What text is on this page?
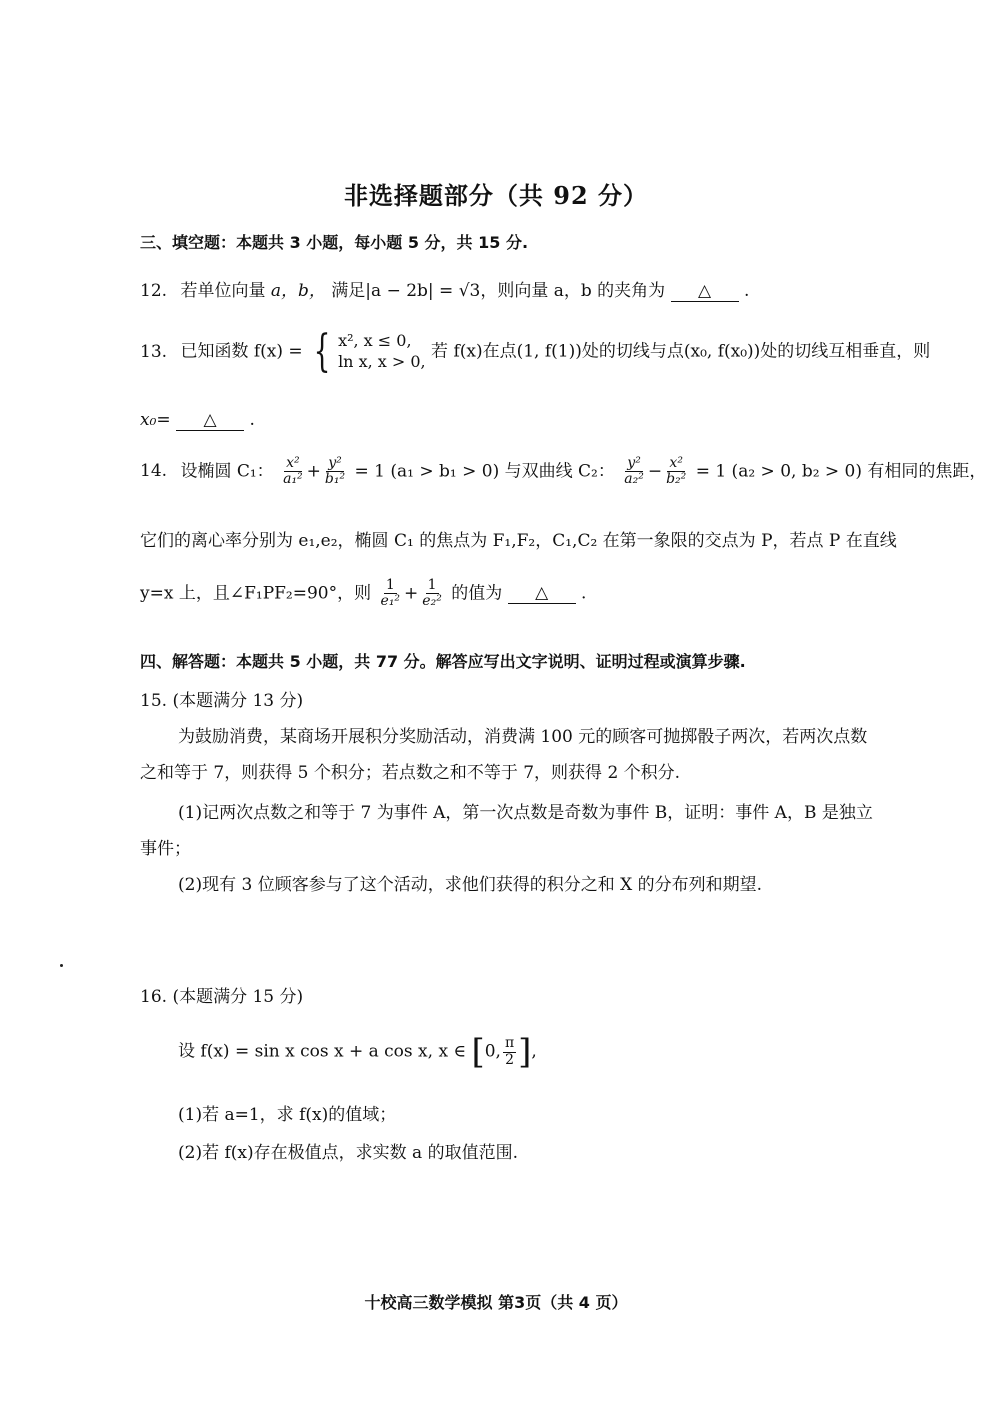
非选择题部分（共 92 分）
三、填空题：本题共 3 小题，每小题 5 分，共 15 分.
12. 若单位向量 a，b， 满足|a − 2b| = √3，则向量 a，b 的夹角为 △ .
13. 已知函数 f(x) = { x², x ≤ 0,
ln x, x > 0, 若 f(x)在点(1, f(1))处的切线与点(x₀, f(x₀))处的切线互相垂直，则
x₀= △ .
14. 设椭圆 C₁： $\frac{\text{x²}}{\text{a₁²}} + \frac{\text{y²}}{\text{b₁²}} = 1$ (a₁ > b₁ > 0) 与双曲线 C₂： $\frac{\text{y²}}{\text{a₂²}} - \frac{\text{x²}}{\text{b₂²}} = 1$ (a₂ > 0, b₂ > 0) 有相同的焦距，
它们的离心率分别为 e₁,e₂，椭圆 C₁ 的焦点为 F₁,F₂，C₁,C₂ 在第一象限的交点为 P，若点 P 在直线
y=x 上，且∠F₁PF₂=90°，则 $\frac{1}{\text{e₁²}} + \frac{1}{\text{e₂²}}$ 的值为 △ .
四、解答题：本题共 5 小题，共 77 分。解答应写出文字说明、证明过程或演算步骤.
15. (本题满分 13 分)
为鼓励消费，某商场开展积分奖励活动，消费满 100 元的顾客可抛掷骰子两次，若两次点数
之和等于 7，则获得 5 个积分；若点数之和不等于 7，则获得 2 个积分.
(1)记两次点数之和等于 7 为事件 A，第一次点数是奇数为事件 B，证明：事件 A，B 是独立
事件；
(2)现有 3 位顾客参与了这个活动，求他们获得的积分之和 X 的分布列和期望.
16. (本题满分 15 分)
设 f(x) = sin x cos x + a cos x, x ∈ [0, $\frac{\pi}{2}$ ],
(1)若 a=1，求 f(x)的值域；
(2)若 f(x)存在极值点，求实数 a 的取值范围.
十校高三数学模拟 第3页（共 4 页）
